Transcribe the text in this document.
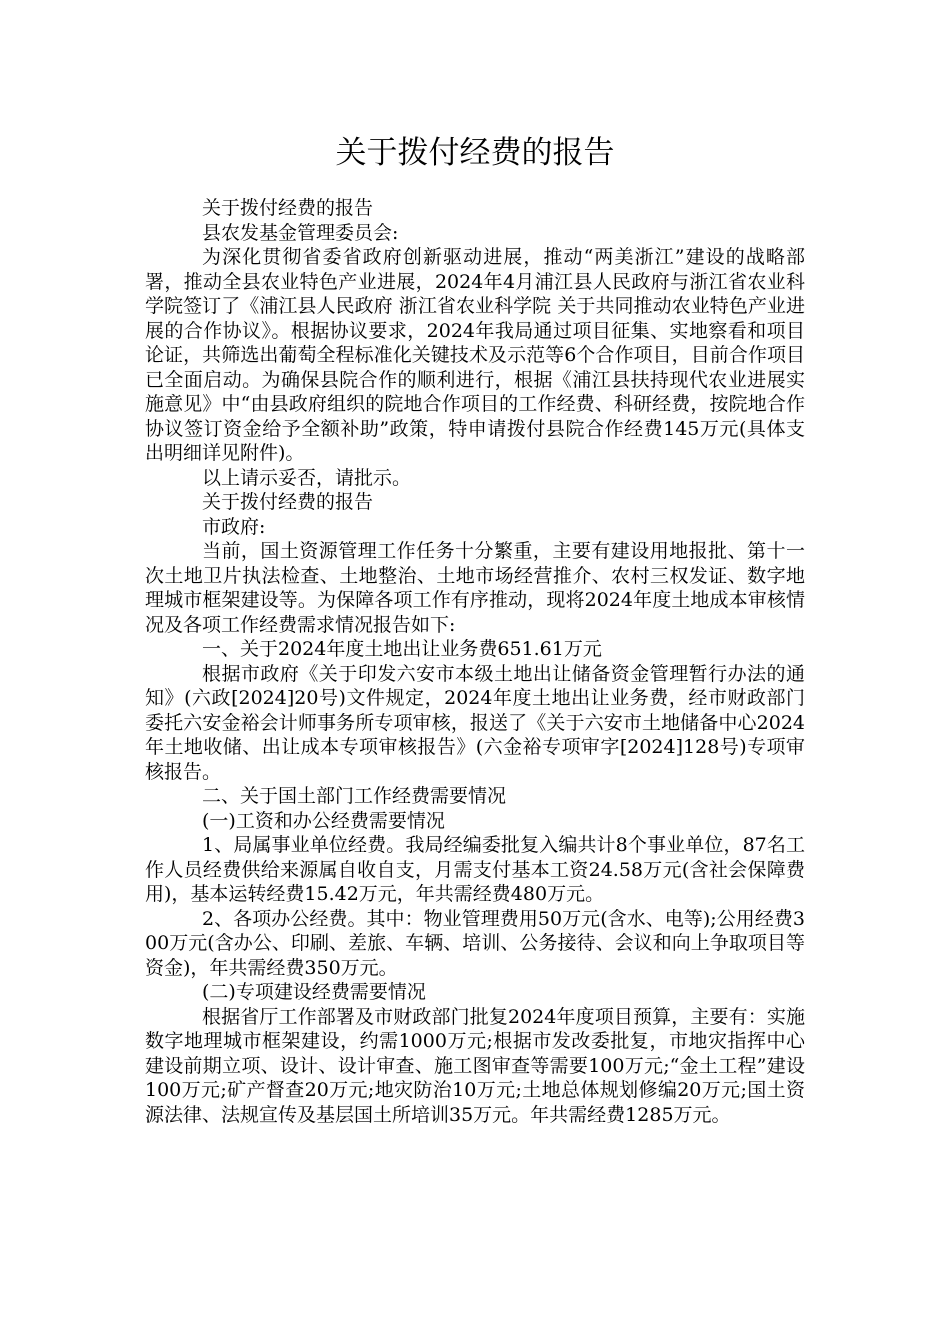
关于拨付经费的报告

关于拨付经费的报告

县农发基金管理委员会:

为深化贯彻省委省政府创新驱动进展，推动“两美浙江”建设的战略部署，推动全县农业特色产业进展，2024年4月浦江县人民政府与浙江省农业科学院签订了《浦江县人民政府 浙江省农业科学院 关于共同推动农业特色产业进展的合作协议》。根据协议要求，2024年我局通过项目征集、实地察看和项目论证，共筛选出葡萄全程标准化关键技术及示范等6个合作项目，目前合作项目已全面启动。为确保县院合作的顺利进行，根据《浦江县扶持现代农业进展实施意见》中“由县政府组织的院地合作项目的工作经费、科研经费，按院地合作协议签订资金给予全额补助”政策，特申请拨付县院合作经费145万元(具体支出明细详见附件)。

以上请示妥否，请批示。

关于拨付经费的报告

市政府:

当前，国土资源管理工作任务十分繁重，主要有建设用地报批、第十一次土地卫片执法检查、土地整治、土地市场经营推介、农村三权发证、数字地理城市框架建设等。为保障各项工作有序推动，现将2024年度土地成本审核情况及各项工作经费需求情况报告如下:

一、关于2024年度土地出让业务费651.61万元

根据市政府《关于印发六安市本级土地出让储备资金管理暂行办法的通知》(六政[2024]20号)文件规定，2024年度土地出让业务费，经市财政部门委托六安金裕会计师事务所专项审核，报送了《关于六安市土地储备中心2024年土地收储、出让成本专项审核报告》(六金裕专项审字[2024]128号)专项审核报告。

二、关于国土部门工作经费需要情况

(一)工资和办公经费需要情况

1、局属事业单位经费。我局经编委批复入编共计8个事业单位，87名工作人员经费供给来源属自收自支，月需支付基本工资24.58万元(含社会保障费用)，基本运转经费15.42万元，年共需经费480万元。

2、各项办公经费。其中：物业管理费用50万元(含水、电等);公用经费300万元(含办公、印刷、差旅、车辆、培训、公务接待、会议和向上争取项目等资金)，年共需经费350万元。

(二)专项建设经费需要情况

根据省厅工作部署及市财政部门批复2024年度项目预算，主要有：实施数字地理城市框架建设，约需1000万元;根据市发改委批复，市地灾指挥中心建设前期立项、设计、设计审查、施工图审查等需要100万元;“金土工程”建设100万元;矿产督查20万元;地灾防治10万元;土地总体规划修编20万元;国土资源法律、法规宣传及基层国土所培训35万元。年共需经费1285万元。
